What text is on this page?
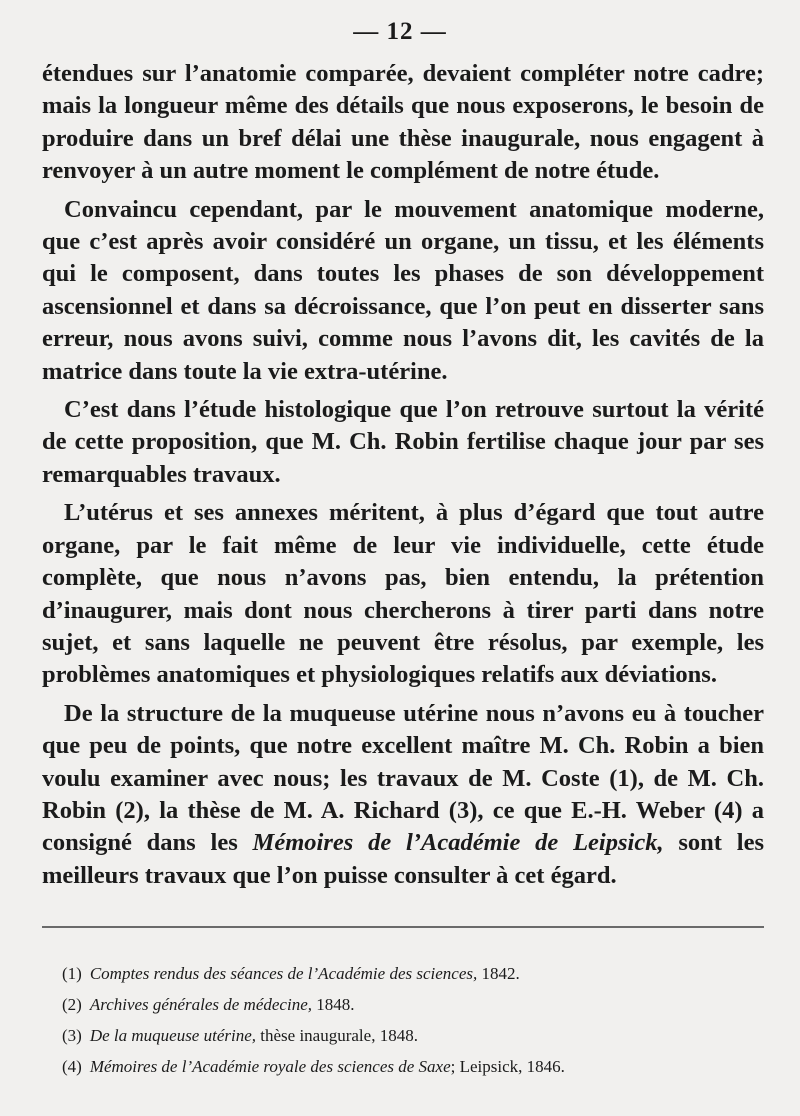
— 12 —

étendues sur l’anatomie comparée, devaient compléter notre cadre; mais la longueur même des détails que nous exposerons, le besoin de produire dans un bref délai une thèse inaugurale, nous engagent à renvoyer à un autre moment le complément de notre étude.

Convaincu cependant, par le mouvement anatomique moderne, que c’est après avoir considéré un organe, un tissu, et les éléments qui le composent, dans toutes les phases de son développement ascensionnel et dans sa décroissance, que l’on peut en disserter sans erreur, nous avons suivi, comme nous l’avons dit, les cavités de la matrice dans toute la vie extra-utérine.

C’est dans l’étude histologique que l’on retrouve surtout la vérité de cette proposition, que M. Ch. Robin fertilise chaque jour par ses remarquables travaux.

L’utérus et ses annexes méritent, à plus d’égard que tout autre organe, par le fait même de leur vie individuelle, cette étude complète, que nous n’avons pas, bien entendu, la prétention d’inaugurer, mais dont nous chercherons à tirer parti dans notre sujet, et sans laquelle ne peuvent être résolus, par exemple, les problèmes anatomiques et physiologiques relatifs aux déviations.

De la structure de la muqueuse utérine nous n’avons eu à toucher que peu de points, que notre excellent maître M. Ch. Robin a bien voulu examiner avec nous; les travaux de M. Coste (1), de M. Ch. Robin (2), la thèse de M. A. Richard (3), ce que E.-H. Weber (4) a consigné dans les Mémoires de l’Académie de Leipsick, sont les meilleurs travaux que l’on puisse consulter à cet égard.

(1) Comptes rendus des séances de l’Académie des sciences, 1842.
(2) Archives générales de médecine, 1848.
(3) De la muqueuse utérine, thèse inaugurale, 1848.
(4) Mémoires de l’Académie royale des sciences de Saxe; Leipsick, 1846.
